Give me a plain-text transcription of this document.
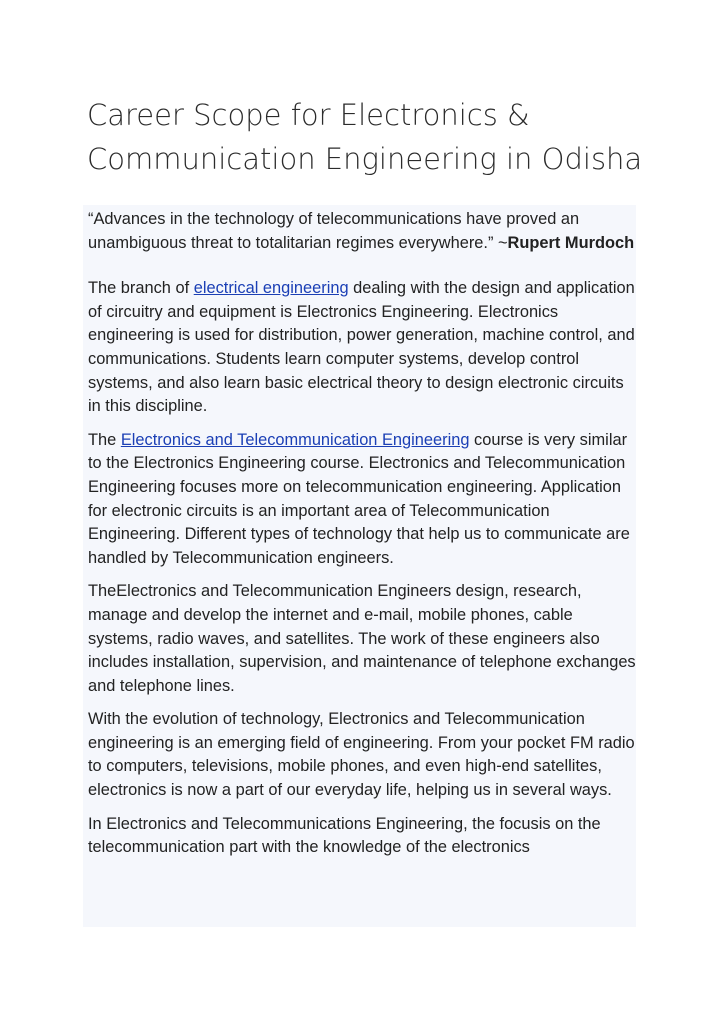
Career Scope for Electronics & Communication Engineering in Odisha

“Advances in the technology of telecommunications have proved an unambiguous threat to totalitarian regimes everywhere.” ~Rupert Murdoch

The branch of electrical engineering dealing with the design and application of circuitry and equipment is Electronics Engineering. Electronics engineering is used for distribution, power generation, machine control, and communications. Students learn computer systems, develop control systems, and also learn basic electrical theory to design electronic circuits in this discipline.

The Electronics and Telecommunication Engineering course is very similar to the Electronics Engineering course. Electronics and Telecommunication Engineering focuses more on telecommunication engineering. Application for electronic circuits is an important area of Telecommunication Engineering. Different types of technology that help us to communicate are handled by Telecommunication engineers.

TheElectronics and Telecommunication Engineers design, research, manage and develop the internet and e-mail, mobile phones, cable systems, radio waves, and satellites. The work of these engineers also includes installation, supervision, and maintenance of telephone exchanges and telephone lines.

With the evolution of technology, Electronics and Telecommunication engineering is an emerging field of engineering. From your pocket FM radio to computers, televisions, mobile phones, and even high-end satellites, electronics is now a part of our everyday life, helping us in several ways.

In Electronics and Telecommunications Engineering, the focusis on the telecommunication part with the knowledge of the electronics
